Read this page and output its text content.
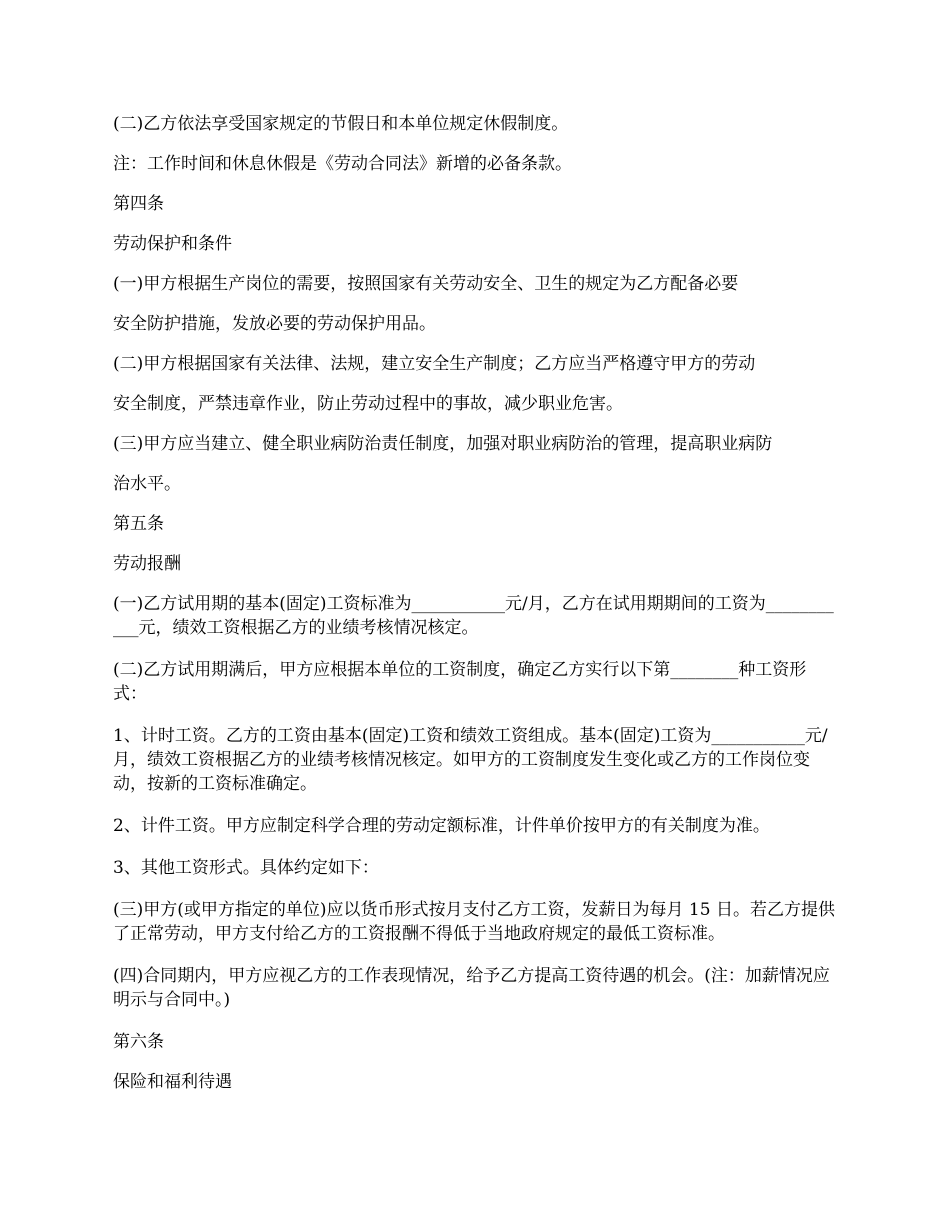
(二)乙方依法享受国家规定的节假日和本单位规定休假制度。

注：工作时间和休息休假是《劳动合同法》新增的必备条款。

第四条

劳动保护和条件

(一)甲方根据生产岗位的需要，按照国家有关劳动安全、卫生的规定为乙方配备必要

安全防护措施，发放必要的劳动保护用品。

(二)甲方根据国家有关法律、法规，建立安全生产制度；乙方应当严格遵守甲方的劳动

安全制度，严禁违章作业，防止劳动过程中的事故，减少职业危害。

(三)甲方应当建立、健全职业病防治责任制度，加强对职业病防治的管理，提高职业病防

治水平。

第五条

劳动报酬

(一)乙方试用期的基本(固定)工资标准为___________元/月，乙方在试用期期间的工资为___________元，绩效工资根据乙方的业绩考核情况核定。

(二)乙方试用期满后，甲方应根据本单位的工资制度，确定乙方实行以下第________种工资形式：

1、计时工资。乙方的工资由基本(固定)工资和绩效工资组成。基本(固定)工资为___________元/月，绩效工资根据乙方的业绩考核情况核定。如甲方的工资制度发生变化或乙方的工作岗位变动，按新的工资标准确定。

2、计件工资。甲方应制定科学合理的劳动定额标准，计件单价按甲方的有关制度为准。

3、其他工资形式。具体约定如下：

(三)甲方(或甲方指定的单位)应以货币形式按月支付乙方工资，发薪日为每月 15 日。若乙方提供了正常劳动，甲方支付给乙方的工资报酬不得低于当地政府规定的最低工资标准。

(四)合同期内，甲方应视乙方的工作表现情况，给予乙方提高工资待遇的机会。(注：加薪情况应明示与合同中。)

第六条

保险和福利待遇
